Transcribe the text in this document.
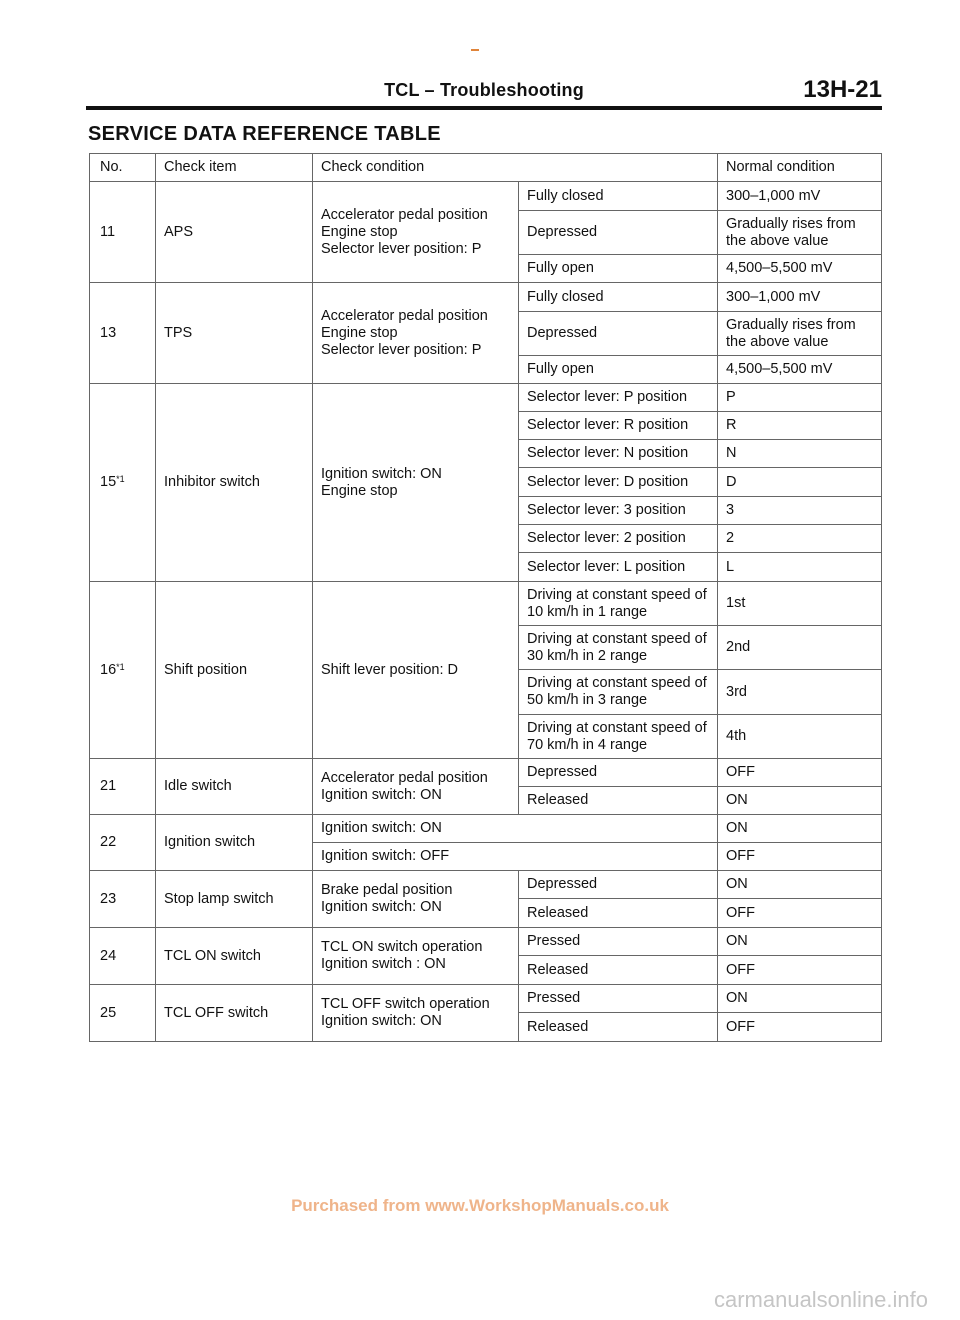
TCL – Troubleshooting	13H-21
SERVICE DATA REFERENCE TABLE
No.	Check item	Check condition		Normal condition
11	APS	Accelerator pedal position
Engine stop
Selector lever position: P	Fully closed	300–1,000 mV
			Depressed	Gradually rises from the above value
			Fully open	4,500–5,500 mV
13	TPS	Accelerator pedal position
Engine stop
Selector lever position: P	Fully closed	300–1,000 mV
			Depressed	Gradually rises from the above value
			Fully open	4,500–5,500 mV
15$^{*1}$	Inhibitor switch	Ignition switch: ON
Engine stop	Selector lever: P position	P
			Selector lever: R position	R
			Selector lever: N position	N
			Selector lever: D position	D
			Selector lever: 3 position	3
			Selector lever: 2 position	2
			Selector lever: L position	L
16$^{*1}$	Shift position	Shift lever position: D	Driving at constant speed of 10 km/h in 1 range	1st
			Driving at constant speed of 30 km/h in 2 range	2nd
			Driving at constant speed of 50 km/h in 3 range	3rd
			Driving at constant speed of 70 km/h in 4 range	4th
21	Idle switch	Accelerator pedal position
Ignition switch: ON	Depressed	OFF
			Released	ON
22	Ignition switch	Ignition switch: ON		ON
		Ignition switch: OFF		OFF
23	Stop lamp switch	Brake pedal position
Ignition switch: ON	Depressed	ON
			Released	OFF
24	TCL ON switch	TCL ON switch operation
Ignition switch : ON	Pressed	ON
			Released	OFF
25	TCL OFF switch	TCL OFF switch operation
Ignition switch: ON	Pressed	ON
			Released	OFF
Purchased from www.WorkshopManuals.co.uk
carmanualsonline.info
